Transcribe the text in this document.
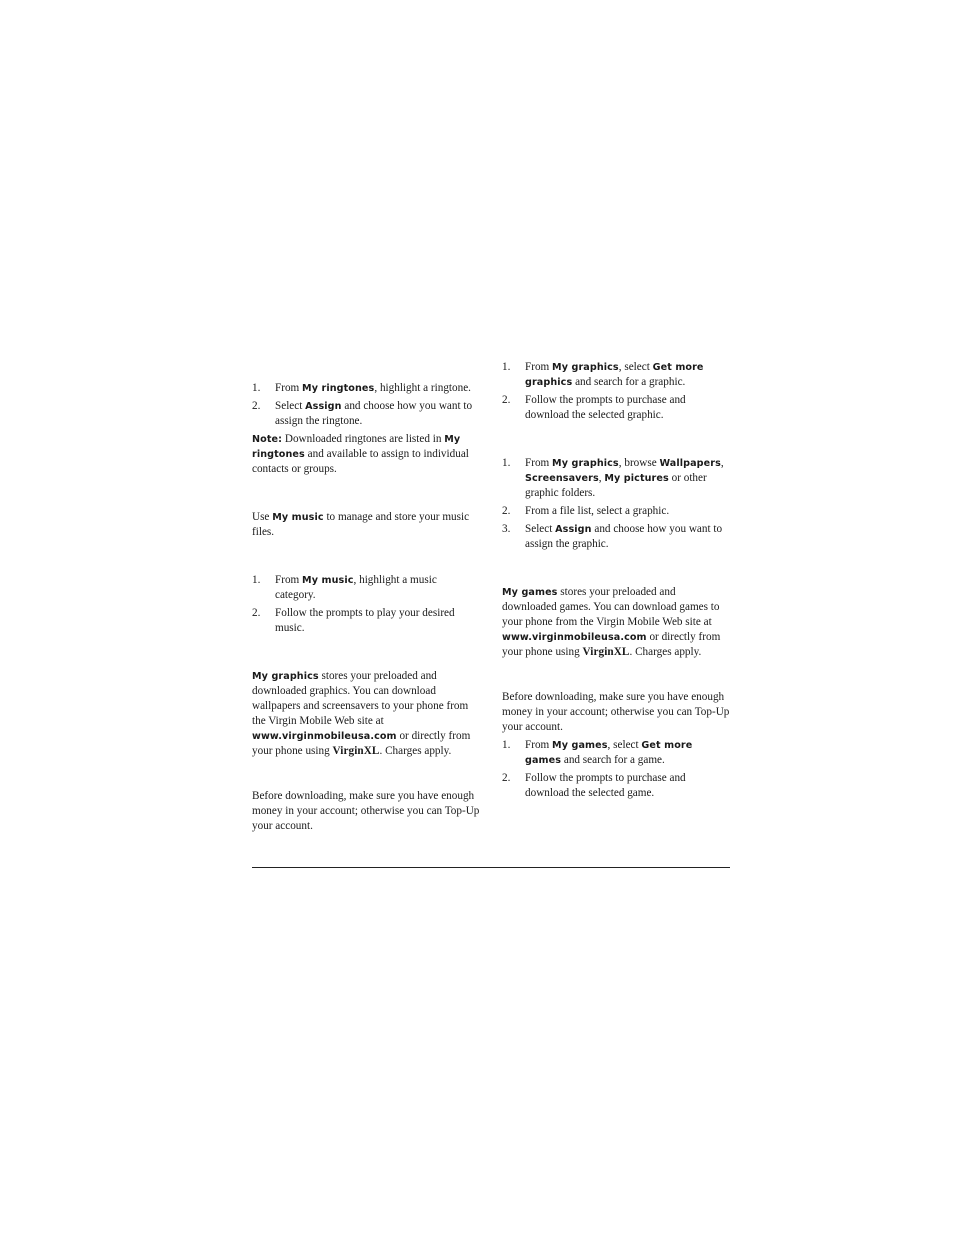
1. From My ringtones, highlight a ringtone.
2. Select Assign and choose how you want to assign the ringtone.

Note: Downloaded ringtones are listed in My ringtones and available to assign to individual contacts or groups.

Use My music to manage and store your music files.

1. From My music, highlight a music category.
2. Follow the prompts to play your desired music.

My graphics stores your preloaded and downloaded graphics. You can download wallpapers and screensavers to your phone from the Virgin Mobile Web site at www.virginmobileusa.com or directly from your phone using VirginXL. Charges apply.

Before downloading, make sure you have enough money in your account; otherwise you can Top-Up your account.

1. From My graphics, select Get more graphics and search for a graphic.
2. Follow the prompts to purchase and download the selected graphic.
1. From My graphics, browse Wallpapers, Screensavers, My pictures or other graphic folders.
2. From a file list, select a graphic.
3. Select Assign and choose how you want to assign the graphic.

My games stores your preloaded and downloaded games. You can download games to your phone from the Virgin Mobile Web site at www.virginmobileusa.com or directly from your phone using VirginXL. Charges apply.

Before downloading, make sure you have enough money in your account; otherwise you can Top-Up your account.

1. From My games, select Get more games and search for a game.
2. Follow the prompts to purchase and download the selected game.
